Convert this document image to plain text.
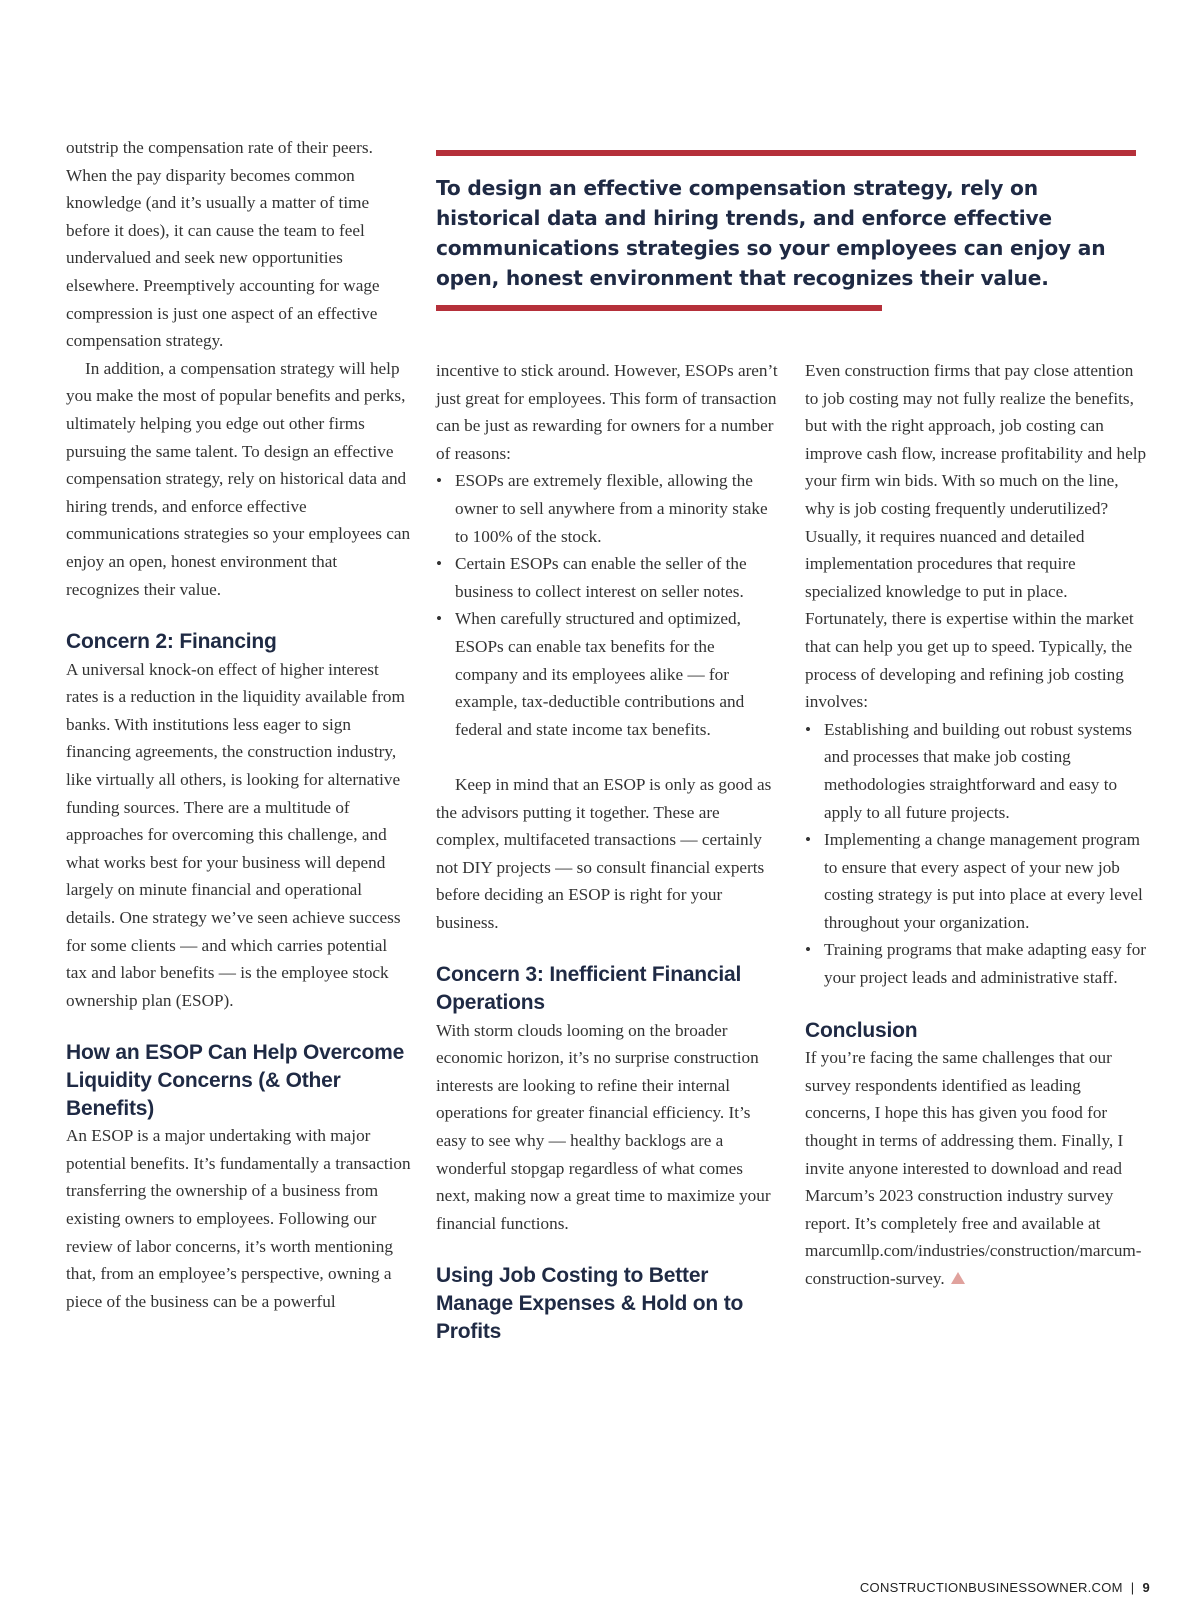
outstrip the compensation rate of their peers. When the pay disparity becomes common knowledge (and it’s usually a matter of time before it does), it can cause the team to feel undervalued and seek new opportunities elsewhere. Preemptively accounting for wage compression is just one aspect of an effective compensation strategy.

In addition, a compensation strategy will help you make the most of popular benefits and perks, ultimately helping you edge out other firms pursuing the same talent. To design an effective compensation strategy, rely on historical data and hiring trends, and enforce effective communications strategies so your employees can enjoy an open, honest environment that recognizes their value.

Concern 2: Financing

A universal knock-on effect of higher interest rates is a reduction in the liquidity available from banks. With institutions less eager to sign financing agreements, the construction industry, like virtually all others, is looking for alternative funding sources. There are a multitude of approaches for overcoming this challenge, and what works best for your business will depend largely on minute financial and operational details. One strategy we’ve seen achieve success for some clients — and which carries potential tax and labor benefits — is the employee stock ownership plan (ESOP).

How an ESOP Can Help Overcome Liquidity Concerns (& Other Benefits)

An ESOP is a major undertaking with major potential benefits. It’s fundamentally a transaction transferring the ownership of a business from existing owners to employees. Following our review of labor concerns, it’s worth mentioning that, from an employee’s perspective, owning a piece of the business can be a powerful

To design an effective compensation strategy, rely on historical data and hiring trends, and enforce effective communications strategies so your employees can enjoy an open, honest environment that recognizes their value.

incentive to stick around. However, ESOPs aren’t just great for employees. This form of transaction can be just as rewarding for owners for a number of reasons:

• ESOPs are extremely flexible, allowing the owner to sell anywhere from a minority stake to 100% of the stock.
• Certain ESOPs can enable the seller of the business to collect interest on seller notes.
• When carefully structured and optimized, ESOPs can enable tax benefits for the company and its employees alike — for example, tax-deductible contributions and federal and state income tax benefits.

Keep in mind that an ESOP is only as good as the advisors putting it together. These are complex, multifaceted transactions — certainly not DIY projects — so consult financial experts before deciding an ESOP is right for your business.

Concern 3: Inefficient Financial Operations

With storm clouds looming on the broader economic horizon, it’s no surprise construction interests are looking to refine their internal operations for greater financial efficiency. It’s easy to see why — healthy backlogs are a wonderful stopgap regardless of what comes next, making now a great time to maximize your financial functions.

Using Job Costing to Better Manage Expenses & Hold on to Profits

Even construction firms that pay close attention to job costing may not fully realize the benefits, but with the right approach, job costing can improve cash flow, increase profitability and help your firm win bids. With so much on the line, why is job costing frequently underutilized? Usually, it requires nuanced and detailed implementation procedures that require specialized knowledge to put in place. Fortunately, there is expertise within the market that can help you get up to speed. Typically, the process of developing and refining job costing involves:

• Establishing and building out robust systems and processes that make job costing methodologies straightforward and easy to apply to all future projects.
• Implementing a change management program to ensure that every aspect of your new job costing strategy is put into place at every level throughout your organization.
• Training programs that make adapting easy for your project leads and administrative staff.
Conclusion

If you’re facing the same challenges that our survey respondents identified as leading concerns, I hope this has given you food for thought in terms of addressing them. Finally, I invite anyone interested to download and read Marcum’s 2023 construction industry survey report. It’s completely free and available at marcumllp.com/industries/construction/marcum-construction-survey.

CONSTRUCTIONBUSINESSOWNER.COM | 9
